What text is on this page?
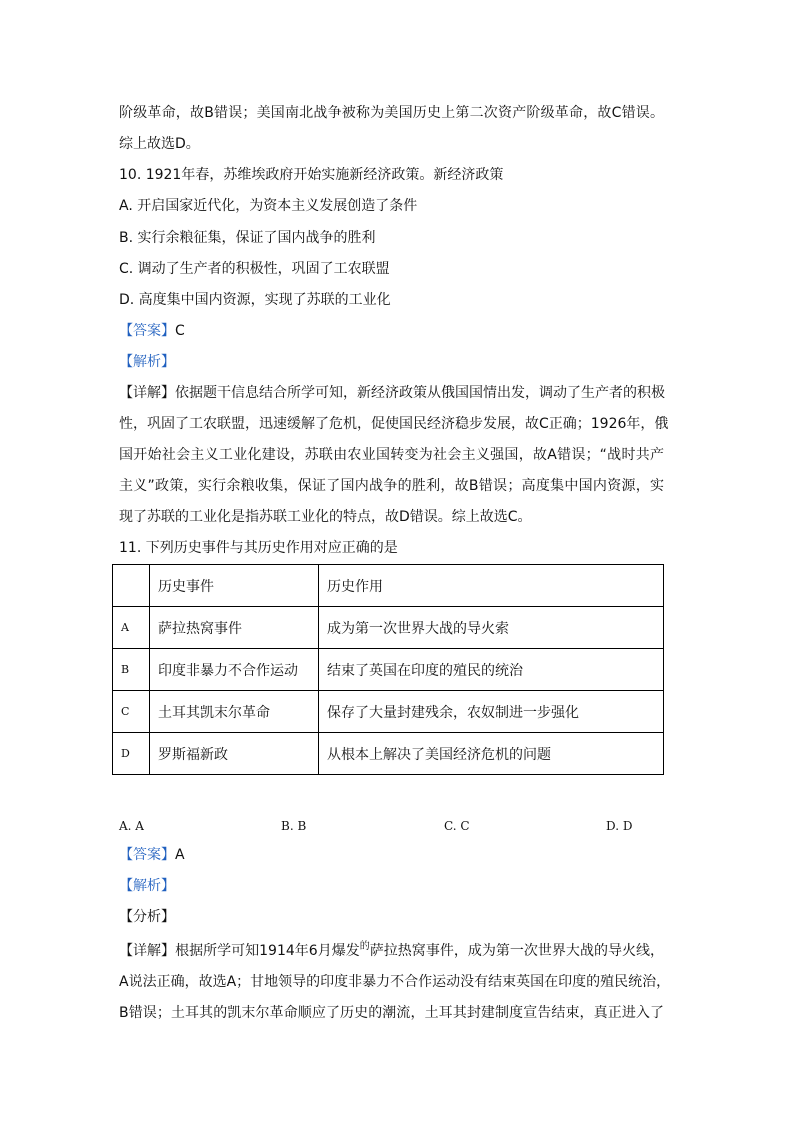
阶级革命，故B错误；美国南北战争被称为美国历史上第二次资产阶级革命，故C错误。
综上故选D。
10. 1921年春，苏维埃政府开始实施新经济政策。新经济政策
A. 开启国家近代化，为资本主义发展创造了条件
B. 实行余粮征集，保证了国内战争的胜利
C. 调动了生产者的积极性，巩固了工农联盟
D. 高度集中国内资源，实现了苏联的工业化
【答案】C
【解析】
【详解】依据题干信息结合所学可知，新经济政策从俄国国情出发，调动了生产者的积极
性，巩固了工农联盟，迅速缓解了危机，促使国民经济稳步发展，故C正确；1926年，俄
国开始社会主义工业化建设，苏联由农业国转变为社会主义强国，故A错误；“战时共产
主义”政策，实行余粮收集，保证了国内战争的胜利，故B错误；高度集中国内资源，实
现了苏联的工业化是指苏联工业化的特点，故D错误。综上故选C。
11. 下列历史事件与其历史作用对应正确的是
	历史事件	历史作用
A	萨拉热窝事件	成为第一次世界大战的导火索
B	印度非暴力不合作运动	结束了英国在印度的殖民的统治
C	土耳其凯末尔革命	保存了大量封建残余，农奴制进一步强化
D	罗斯福新政	从根本上解决了美国经济危机的问题
A. A	B. B	C. C	D. D
【答案】A
【解析】
【分析】
【详解】根据所学可知1914年6月爆发$^的$萨拉热窝事件，成为第一次世界大战的导火线，
A说法正确，故选A；甘地领导的印度非暴力不合作运动没有结束英国在印度的殖民统治，
B错误；土耳其的凯末尔革命顺应了历史的潮流，土耳其封建制度宣告结束，真正进入了
